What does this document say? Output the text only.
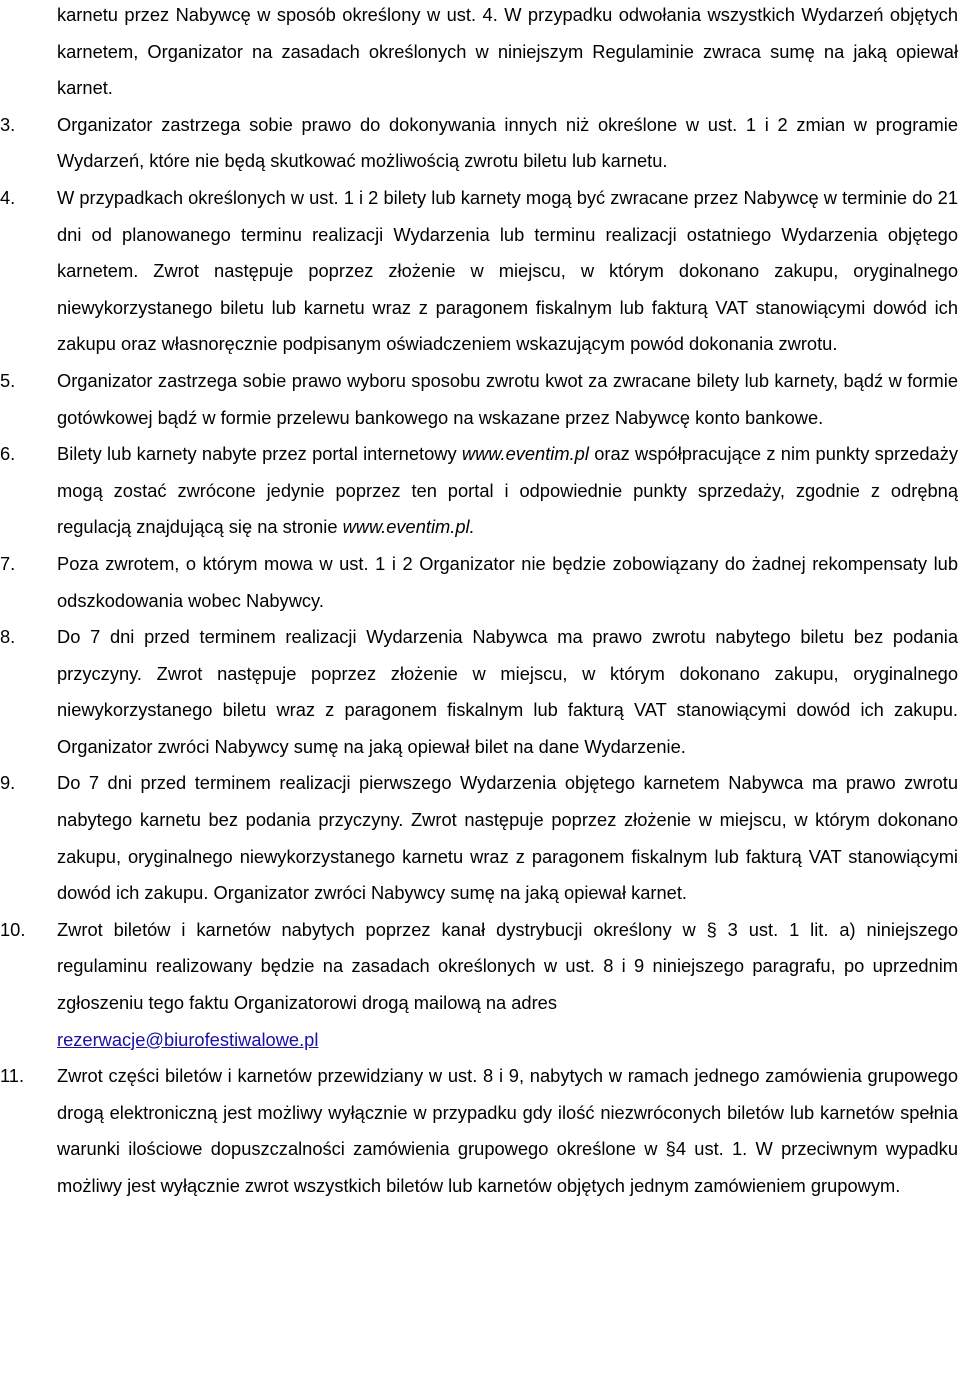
karnetu przez Nabywcę w sposób określony w ust. 4. W przypadku odwołania wszystkich Wydarzeń objętych karnetem, Organizator na zasadach określonych w niniejszym Regulaminie zwraca sumę na jaką opiewał karnet.

3. Organizator zastrzega sobie prawo do dokonywania innych niż określone w ust. 1 i 2 zmian w programie Wydarzeń, które nie będą skutkować możliwością zwrotu biletu lub karnetu.
4. W przypadkach określonych w ust. 1 i 2 bilety lub karnety mogą być zwracane przez Nabywcę w terminie do 21 dni od planowanego terminu realizacji Wydarzenia lub terminu realizacji ostatniego Wydarzenia objętego karnetem. Zwrot następuje poprzez złożenie w miejscu, w którym dokonano zakupu, oryginalnego niewykorzystanego biletu lub karnetu wraz z paragonem fiskalnym lub fakturą VAT stanowiącymi dowód ich zakupu oraz własnoręcznie podpisanym oświadczeniem wskazującym powód dokonania zwrotu.
5. Organizator zastrzega sobie prawo wyboru sposobu zwrotu kwot za zwracane bilety lub karnety, bądź w formie gotówkowej bądź w formie przelewu bankowego na wskazane przez Nabywcę konto bankowe.
6. Bilety lub karnety nabyte przez portal internetowy www.eventim.pl oraz współpracujące z nim punkty sprzedaży mogą zostać zwrócone jedynie poprzez ten portal i odpowiednie punkty sprzedaży, zgodnie z odrębną regulacją znajdującą się na stronie www.eventim.pl.
7. Poza zwrotem, o którym mowa w ust. 1 i 2 Organizator nie będzie zobowiązany do żadnej rekompensaty lub odszkodowania wobec Nabywcy.
8. Do 7 dni przed terminem realizacji Wydarzenia Nabywca ma prawo zwrotu nabytego biletu bez podania przyczyny. Zwrot następuje poprzez złożenie w miejscu, w którym dokonano zakupu, oryginalnego niewykorzystanego biletu wraz z paragonem fiskalnym lub fakturą VAT stanowiącymi dowód ich zakupu. Organizator zwróci Nabywcy sumę na jaką opiewał bilet na dane Wydarzenie.
9. Do 7 dni przed terminem realizacji pierwszego Wydarzenia objętego karnetem Nabywca ma prawo zwrotu nabytego karnetu bez podania przyczyny. Zwrot następuje poprzez złożenie w miejscu, w którym dokonano zakupu, oryginalnego niewykorzystanego karnetu wraz z paragonem fiskalnym lub fakturą VAT stanowiącymi dowód ich zakupu. Organizator zwróci Nabywcy sumę na jaką opiewał karnet.
10. Zwrot biletów i karnetów nabytych poprzez kanał dystrybucji określony w § 3 ust. 1 lit. a) niniejszego regulaminu realizowany będzie na zasadach określonych w ust. 8 i 9 niniejszego paragrafu, po uprzednim zgłoszeniu tego faktu Organizatorowi drogą mailową na adres
rezerwacje@biurofestiwalowe.pl
11. Zwrot części biletów i karnetów przewidziany w ust. 8 i 9, nabytych w ramach jednego zamówienia grupowego drogą elektroniczną jest możliwy wyłącznie w przypadku gdy ilość niezwróconych biletów lub karnetów spełnia warunki ilościowe dopuszczalności zamówienia grupowego określone w §4 ust. 1. W przeciwnym wypadku możliwy jest wyłącznie zwrot wszystkich biletów lub karnetów objętych jednym zamówieniem grupowym.
